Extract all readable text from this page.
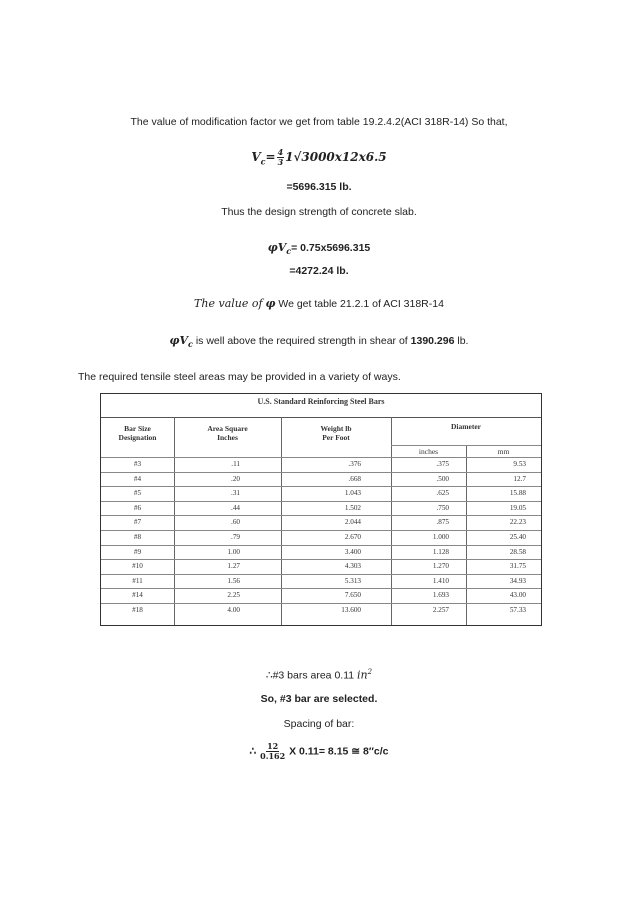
The value of modification factor we get from table 19.2.4.2(ACI 318R-14) So that,
$V_c= \frac{4}{3} 1√3000x12x6.5$
=5696.315 lb.
Thus the design strength of concrete slab.
$\varphi V_c= 0.75x5696.315$
=4272.24 lb.
The value of φ We get table 21.2.1 of ACI 318R-14
$\varphi V_c$ is well above the required strength in shear of 1390.296 lb.
The required tensile steel areas may be provided in a variety of ways.
U.S. Standard Reinforcing Steel Bars
Bar Size
Designation
Area Square
Inches
Weight lb
Per Foot
Diameter
inches	mm
#3	.11	.376	.375	9.53
#4	.20	.668	.500	12.7
#5	.31	1.043	.625	15.88
#6	.44	1.502	.750	19.05
#7	.60	2.044	.875	22.23
#8	.79	2.670	1.000	25.40
#9	1.00	3.400	1.128	28.58
#10	1.27	4.303	1.270	31.75
#11	1.56	5.313	1.410	34.93
#14	2.25	7.650	1.693	43.00
#18	4.00	13.600	2.257	57.33
∴#3 bars area 0.11 $in^2$
So, #3 bar are selected.
Spacing of bar:
∴ $\frac{12}{0.162}$ X 0.11= 8.15 ≅ 8″c/c
